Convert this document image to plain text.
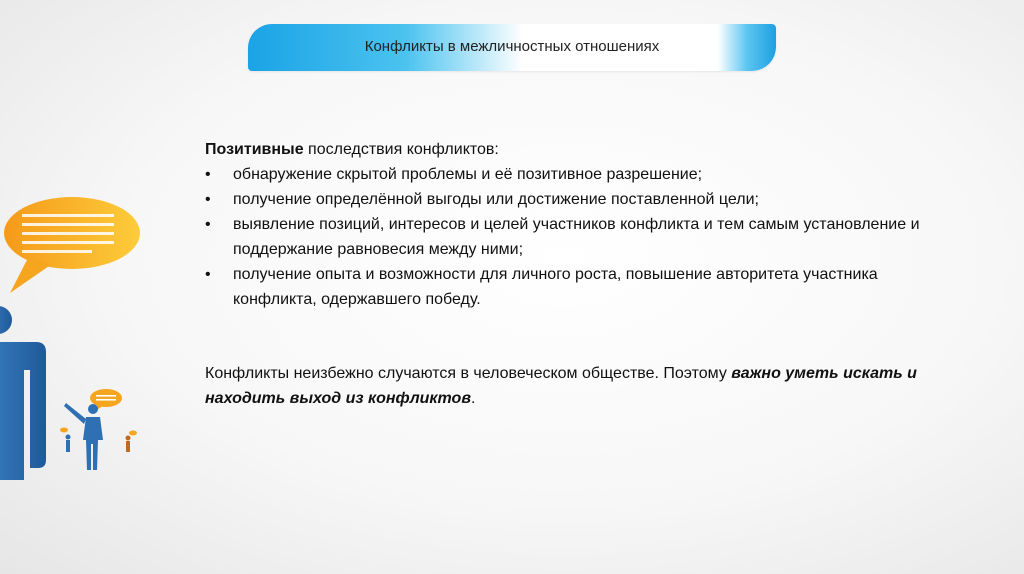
Конфликты в межличностных отношениях

Позитивные последствия конфликтов:

• обнаружение скрытой проблемы и её позитивное разрешение;
• получение определённой выгоды или достижение поставленной цели;
• выявление позиций, интересов и целей участников конфликта и тем самым установление и поддержание равновесия между ними;
• получение опыта и возможности для личного роста, повышение авторитета участника конфликта, одержавшего победу.

Конфликты неизбежно случаются в человеческом обществе. Поэтому важно уметь искать и находить выход из конфликтов.
